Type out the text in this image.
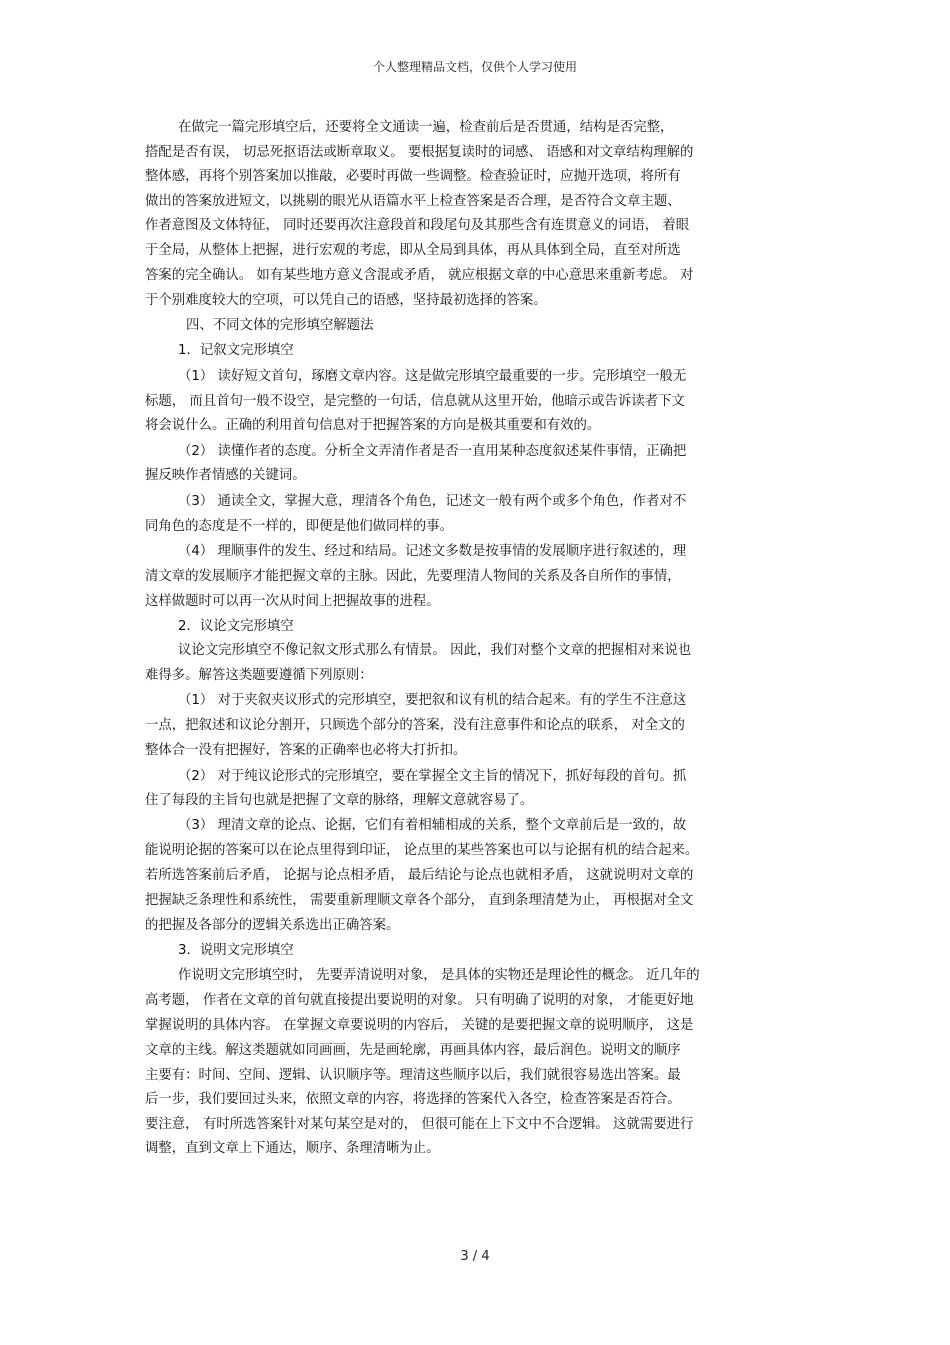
个人整理精品文档，仅供个人学习使用
在做完一篇完形填空后，还要将全文通读一遍，检查前后是否贯通，结构是否完整，
搭配是否有误， 切忌死抠语法或断章取义。 要根据复读时的词感、 语感和对文章结构理解的
整体感，再将个别答案加以推敲，必要时再做一些调整。检查验证时，应抛开选项，将所有
做出的答案放进短文，以挑剔的眼光从语篇水平上检查答案是否合理，是否符合文章主题、
作者意图及文体特征， 同时还要再次注意段首和段尾句及其那些含有连贯意义的词语， 着眼
于全局，从整体上把握，进行宏观的考虑，即从全局到具体，再从具体到全局，直至对所选
答案的完全确认。 如有某些地方意义含混或矛盾， 就应根据文章的中心意思来重新考虑。 对
于个别难度较大的空项，可以凭自己的语感，坚持最初选择的答案。
四、不同文体的完形填空解题法
1．记叙文完形填空
（1） 读好短文首句，琢磨文章内容。这是做完形填空最重要的一步。完形填空一般无
标题， 而且首句一般不设空，是完整的一句话，信息就从这里开始，他暗示或告诉读者下文
将会说什么。正确的利用首句信息对于把握答案的方向是极其重要和有效的。
（2） 读懂作者的态度。分析全文弄清作者是否一直用某种态度叙述某件事情，正确把
握反映作者情感的关键词。
（3） 通读全文，掌握大意，理清各个角色，记述文一般有两个或多个角色，作者对不
同角色的态度是不一样的，即便是他们做同样的事。
（4） 理顺事件的发生、经过和结局。记述文多数是按事情的发展顺序进行叙述的，理
清文章的发展顺序才能把握文章的主脉。因此，先要理清人物间的关系及各自所作的事情，
这样做题时可以再一次从时间上把握故事的进程。
2．议论文完形填空
议论文完形填空不像记叙文形式那么有情景。 因此，我们对整个文章的把握相对来说也
难得多。解答这类题要遵循下列原则：
（1） 对于夹叙夹议形式的完形填空，要把叙和议有机的结合起来。有的学生不注意这
一点，把叙述和议论分割开，只顾选个部分的答案，没有注意事件和论点的联系， 对全文的
整体合一没有把握好，答案的正确率也必将大打折扣。
（2） 对于纯议论形式的完形填空，要在掌握全文主旨的情况下，抓好每段的首句。抓
住了每段的主旨句也就是把握了文章的脉络，理解文意就容易了。
（3） 理清文章的论点、论据，它们有着相辅相成的关系，整个文章前后是一致的，故
能说明论据的答案可以在论点里得到印证， 论点里的某些答案也可以与论据有机的结合起来。
若所选答案前后矛盾， 论据与论点相矛盾， 最后结论与论点也就相矛盾， 这就说明对文章的
把握缺乏条理性和系统性， 需要重新理顺文章各个部分， 直到条理清楚为止， 再根据对全文
的把握及各部分的逻辑关系选出正确答案。
3．说明文完形填空
作说明文完形填空时， 先要弄清说明对象， 是具体的实物还是理论性的概念。 近几年的
高考题， 作者在文章的首句就直接提出要说明的对象。 只有明确了说明的对象， 才能更好地
掌握说明的具体内容。 在掌握文章要说明的内容后， 关键的是要把握文章的说明顺序， 这是
文章的主线。解这类题就如同画画，先是画轮廓，再画具体内容，最后润色。说明文的顺序
主要有：时间、空间、逻辑、认识顺序等。理清这些顺序以后，我们就很容易选出答案。最
后一步，我们要回过头来，依照文章的内容，将选择的答案代入各空，检查答案是否符合。
要注意， 有时所选答案针对某句某空是对的， 但很可能在上下文中不合逻辑。 这就需要进行
调整，直到文章上下通达，顺序、条理清晰为止。
3 / 4
